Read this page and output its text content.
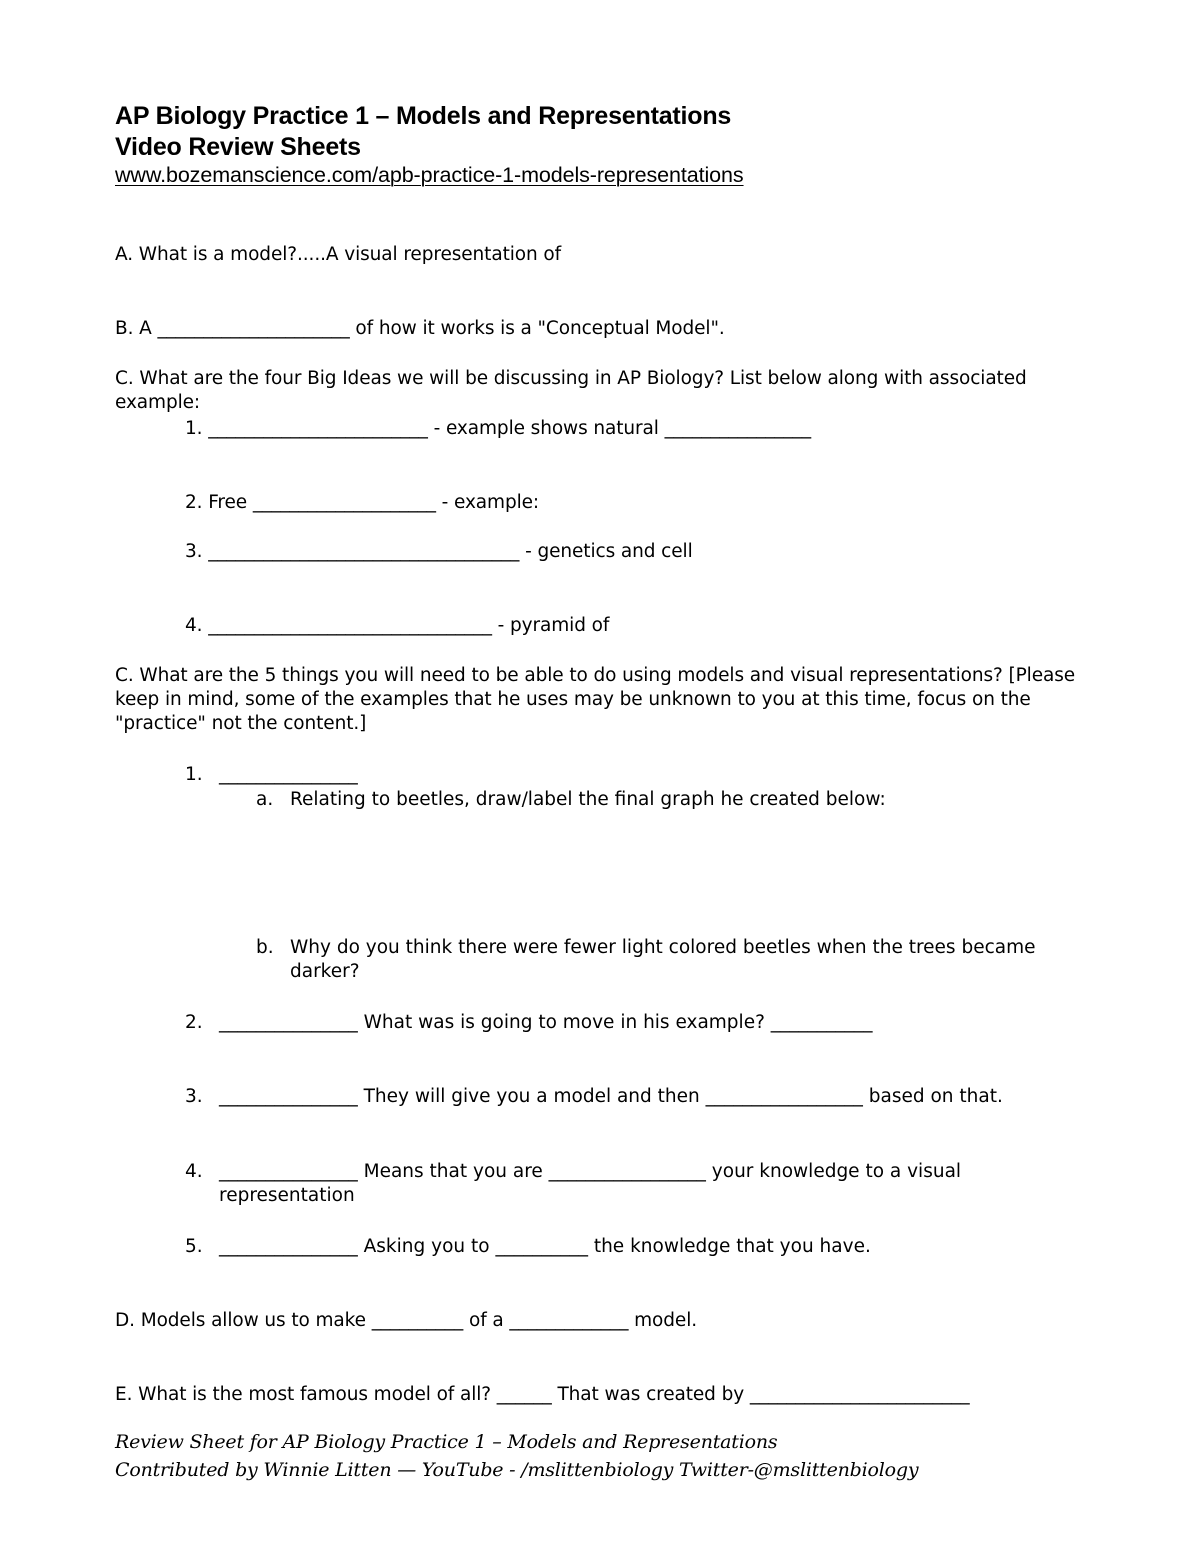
AP Biology Practice 1 – Models and Representations
Video Review Sheets
www.bozemanscience.com/apb-practice-1-models-representations
A. What is a model?.....A visual representation of
B. A _____________________ of how it works is a "Conceptual Model".
C. What are the four Big Ideas we will be discussing in AP Biology? List below along with associated example:
1. ________________________ - example shows natural ________________
2. Free ____________________ - example:
3. __________________________________ - genetics and cell
4. _______________________________ - pyramid of
C. What are the 5 things you will need to be able to do using models and visual representations? [Please keep in mind, some of the examples that he uses may be unknown to you at this time, focus on the "practice" not the content.]
1. _______________
a. Relating to beetles, draw/label the final graph he created below:
b. Why do you think there were fewer light colored beetles when the trees became darker?
2. _______________ What was is going to move in his example? ___________
3. _______________ They will give you a model and then _________________ based on that.
4. _______________ Means that you are _________________ your knowledge to a visual representation
5. _______________ Asking you to __________ the knowledge that you have.
D. Models allow us to make __________ of a _____________ model.
E. What is the most famous model of all? ______ That was created by ________________________
Review Sheet for AP Biology Practice 1 – Models and Representations
Contributed by Winnie Litten — YouTube - /mslittenbiology Twitter-@mslittenbiology
